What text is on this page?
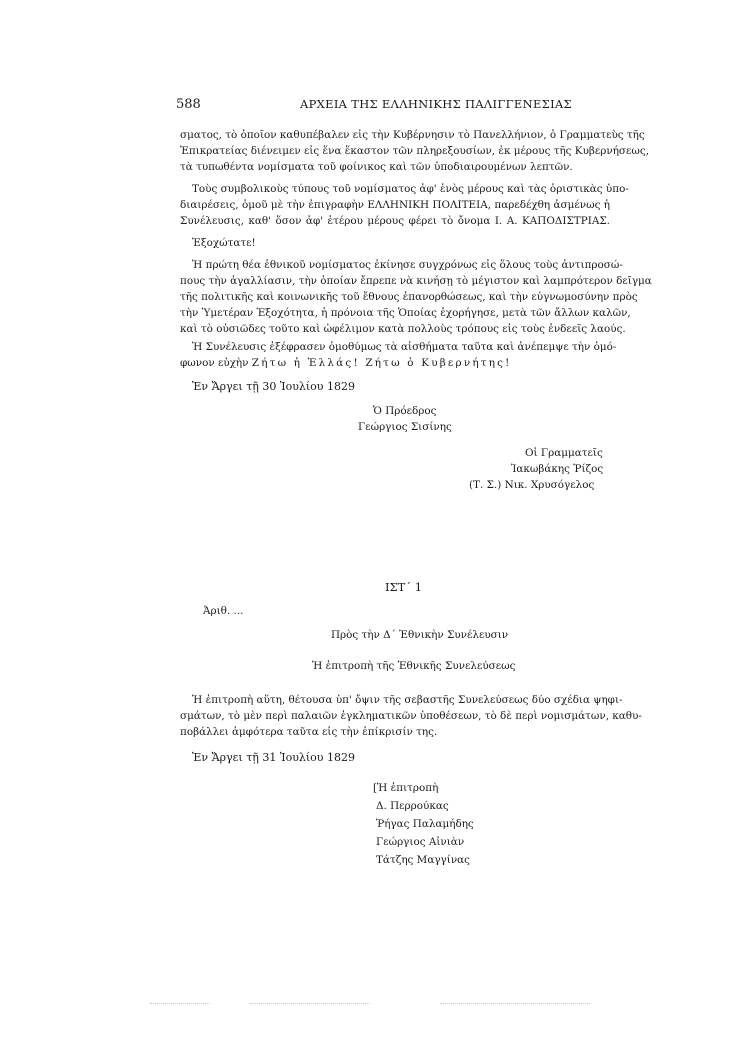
588	ΑΡΧΕΙΑ ΤΗΣ ΕΛΛΗΝΙΚΗΣ ΠΑΛΙΓΓΕΝΕΣΙΑΣ
σματος, τὸ ὁποῖον καθυπέβαλεν εἰς τὴν Κυβέρνησιν τὸ Πανελλήνιον, ὁ Γραμματεὺς τῆς
Ἐπικρατείας διένειμεν εἰς ἕνα ἕκαστον τῶν πληρεξουσίων, ἐκ μέρους τῆς Κυβερνήσεως,
τὰ τυπωθέντα νομίσματα τοῦ φοίνικος καὶ τῶν ὑποδιαιρουμένων λεπτῶν.
Τοὺς συμβολικοὺς τύπους τοῦ νομίσματος ἀφ' ἑνὸς μέρους καὶ τὰς ὁριστικὰς ὑπο-
διαιρέσεις, ὁμοῦ μὲ τὴν ἐπιγραφὴν ΕΛΛΗΝΙΚΗ ΠΟΛΙΤΕΙΑ, παρεδέχθη ἀσμένως ἡ
Συνέλευσις, καθ' ὅσον ἀφ' ἑτέρου μέρους φέρει τὸ ὄνομα Ι. Α. ΚΑΠΟΔΙΣΤΡΙΑΣ.
Ἐξοχώτατε!
Ἡ πρώτη θέα ἐθνικοῦ νομίσματος ἐκίνησε συγχρόνως εἰς ὅλους τοὺς ἀντιπροσώ-
πους τὴν ἀγαλλίασιν, τὴν ὁποίαν ἔπρεπε νὰ κινήσῃ τὸ μέγιστον καὶ λαμπρότερον δεῖγμα
τῆς πολιτικῆς καὶ κοινωνικῆς τοῦ ἔθνους ἐπανορθώσεως, καὶ τὴν εὐγνωμοσύνην πρὸς
τὴν Ὑμετέραν Ἐξοχότητα, ἡ πρόνοια τῆς Ὁποίας ἐχορήγησε, μετὰ τῶν ἄλλων καλῶν,
καὶ τὸ οὐσιῶδες τοῦτο καὶ ὠφέλιμον κατὰ πολλοὺς τρόπους εἰς τοὺς ἐνδεεῖς λαούς.
Ἡ Συνέλευσις ἐξέφρασεν ὁμοθύμως τὰ αἰσθήματα ταῦτα καὶ ἀνέπεμψε τὴν ὁμό-
φωνον εὐχὴν Ζήτω ἡ Ἑλλάς! Ζήτω ὁ Κυβερνήτης!
Ἐν Ἄργει τῇ 30 Ἰουλίου 1829
Ὁ Πρόεδρος
Γεώργιος Σισίνης
Οἱ Γραμματεῖς
Ἰακωβάκης Ῥίζος
(Τ. Σ.) Νικ. Χρυσόγελος
ΙΣΤ΄ 1
Ἀριθ. ...
Πρὸς τὴν Δ΄ Ἐθνικὴν Συνέλευσιν
Ἡ ἐπιτροπὴ τῆς Ἐθνικῆς Συνελεύσεως
Ἡ ἐπιτροπὴ αὕτη, θέτουσα ὑπ' ὄψιν τῆς σεβαστῆς Συνελεύσεως δύο σχέδια ψηφι-
σμάτων, τὸ μὲν περὶ παλαιῶν ἐγκληματικῶν ὑποθέσεων, τὸ δὲ περὶ νομισμάτων, καθυ-
ποβάλλει ἀμφότερα ταῦτα εἰς τὴν ἐπίκρισίν της.
Ἐν Ἄργει τῇ 31 Ἰουλίου 1829
[Ἡ ἐπιτροπὴ
Δ. Περρούκας
Ῥήγας Παλαμήδης
Γεώργιος Αἰνιὰν
Τάτζης Μαγγίνας
